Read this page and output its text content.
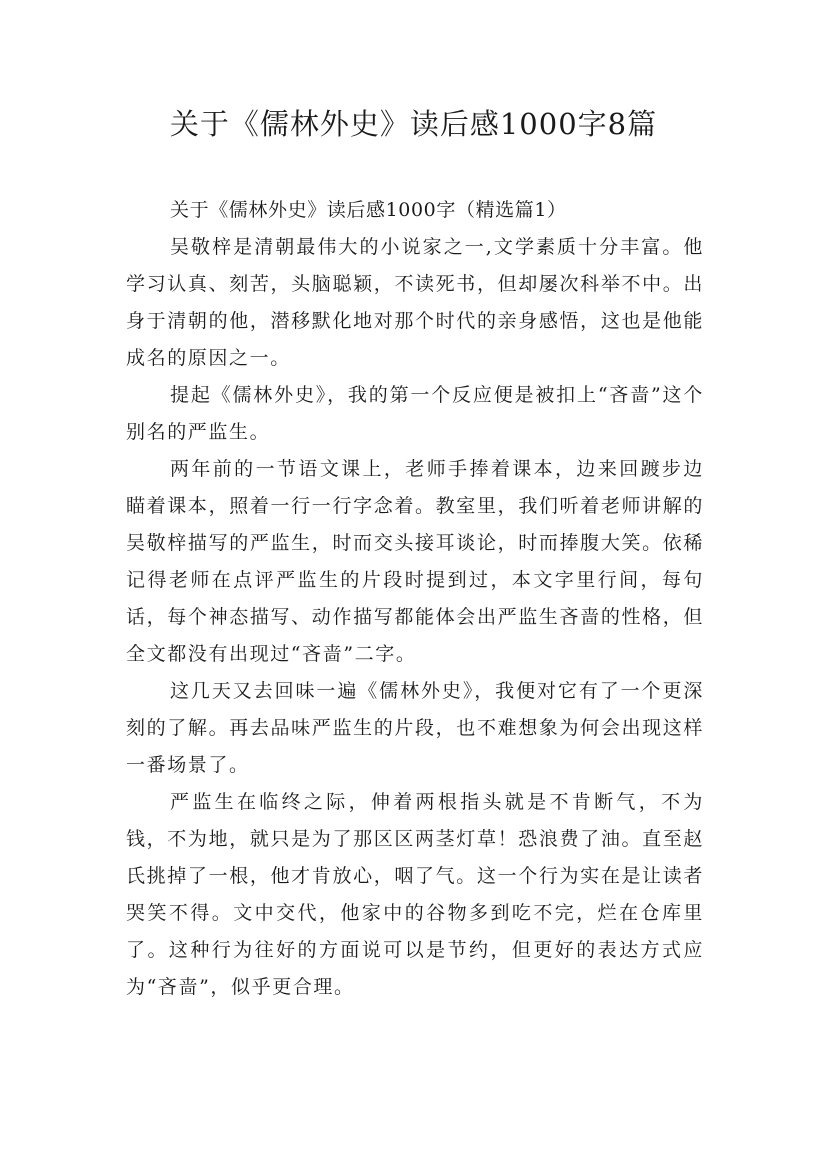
关于《儒林外史》读后感1000字8篇

关于《儒林外史》读后感1000字（精选篇1）

吴敬梓是清朝最伟大的小说家之一,文学素质十分丰富。他学习认真、刻苦，头脑聪颖，不读死书，但却屡次科举不中。出身于清朝的他，潜移默化地对那个时代的亲身感悟，这也是他能成名的原因之一。

提起《儒林外史》，我的第一个反应便是被扣上“吝啬”这个别名的严监生。

两年前的一节语文课上，老师手捧着课本，边来回踱步边瞄着课本，照着一行一行字念着。教室里，我们听着老师讲解的吴敬梓描写的严监生，时而交头接耳谈论，时而捧腹大笑。依稀记得老师在点评严监生的片段时提到过，本文字里行间，每句话，每个神态描写、动作描写都能体会出严监生吝啬的性格，但全文都没有出现过“吝啬”二字。

这几天又去回味一遍《儒林外史》，我便对它有了一个更深刻的了解。再去品味严监生的片段，也不难想象为何会出现这样一番场景了。

严监生在临终之际，伸着两根指头就是不肯断气，不为钱，不为地，就只是为了那区区两茎灯草！恐浪费了油。直至赵氏挑掉了一根，他才肯放心，咽了气。这一个行为实在是让读者哭笑不得。文中交代，他家中的谷物多到吃不完，烂在仓库里了。这种行为往好的方面说可以是节约，但更好的表达方式应为“吝啬”，似乎更合理。
